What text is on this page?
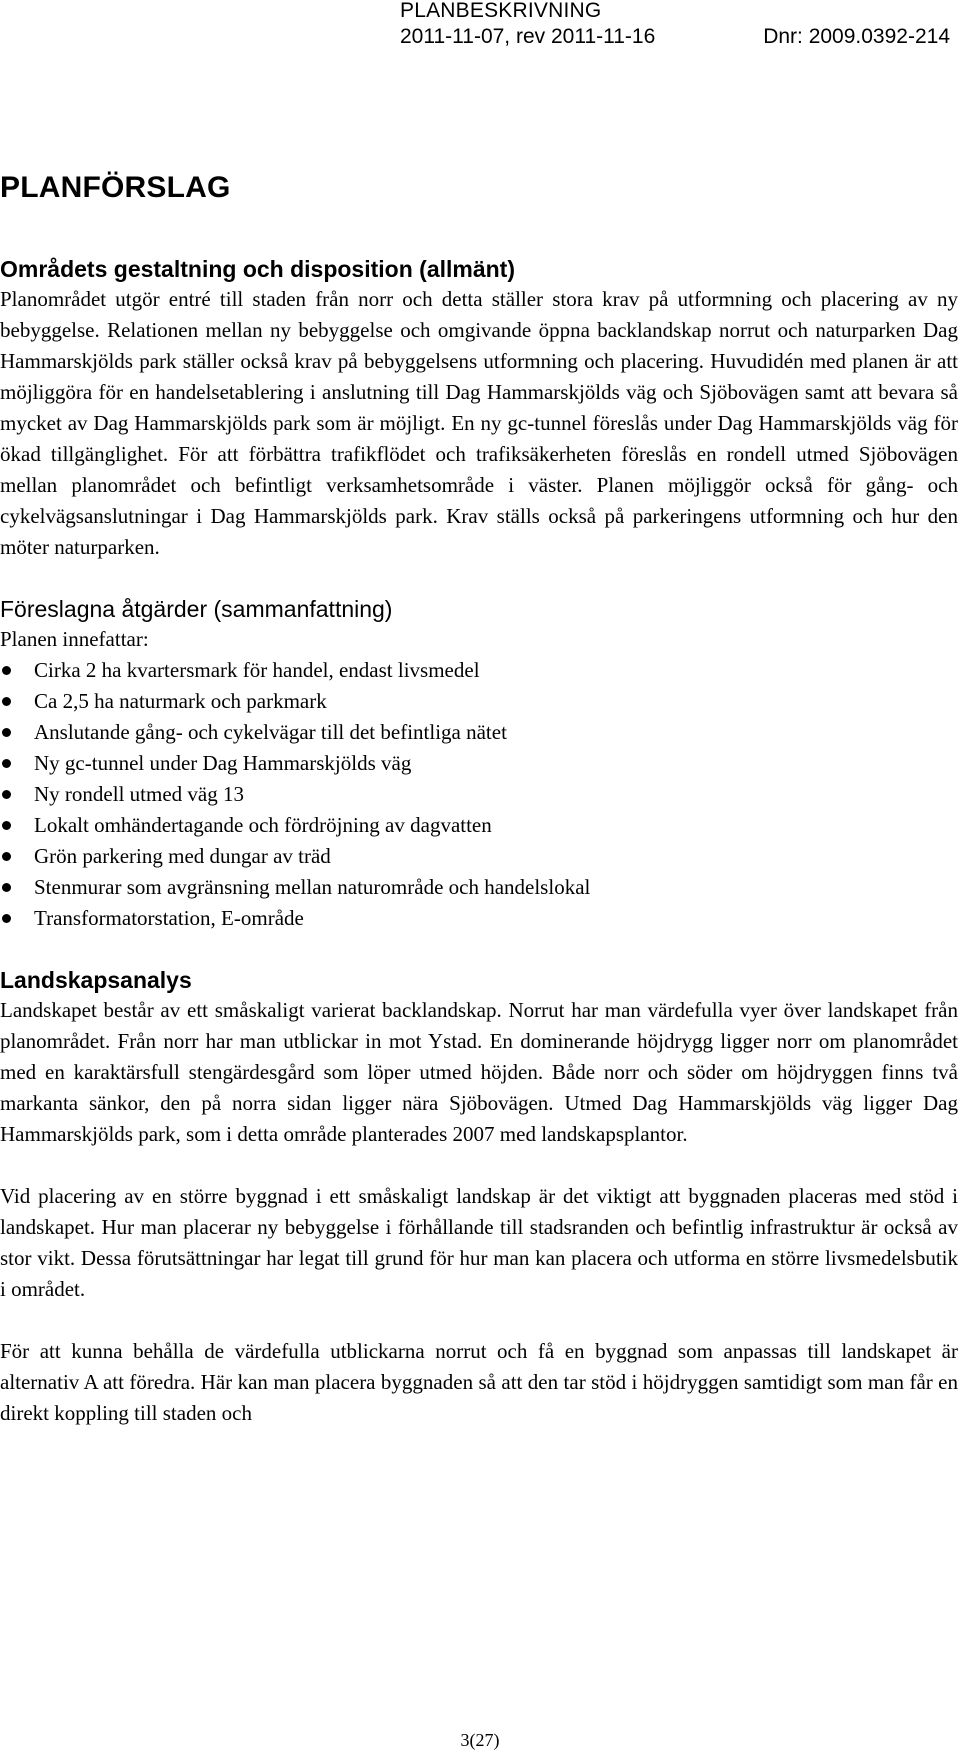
PLANBESKRIVNING
2011-11-07, rev 2011-11-16	Dnr: 2009.0392-214
PLANFÖRSLAG
Områdets gestaltning och disposition (allmänt)

Planområdet utgör entré till staden från norr och detta ställer stora krav på utformning och placering av ny bebyggelse. Relationen mellan ny bebyggelse och omgivande öppna backlandskap norrut och naturparken Dag Hammarskjölds park ställer också krav på bebyggelsens utformning och placering. Huvudidén med planen är att möjliggöra för en handelsetablering i anslutning till Dag Hammarskjölds väg och Sjöbovägen samt att bevara så mycket av Dag Hammarskjölds park som är möjligt. En ny gc-tunnel föreslås under Dag Hammarskjölds väg för ökad tillgänglighet. För att förbättra trafikflödet och trafiksäkerheten föreslås en rondell utmed Sjöbovägen mellan planområdet och befintligt verksamhetsområde i väster. Planen möjliggör också för gång- och cykelvägsanslutningar i Dag Hammarskjölds park. Krav ställs också på parkeringens utformning och hur den möter naturparken.

Föreslagna åtgärder (sammanfattning)
Planen innefattar:
Cirka 2 ha kvartersmark för handel, endast livsmedel
Ca 2,5 ha naturmark och parkmark
Anslutande gång- och cykelvägar till det befintliga nätet
Ny gc-tunnel under Dag Hammarskjölds väg
Ny rondell utmed väg 13
Lokalt omhändertagande och fördröjning av dagvatten
Grön parkering med dungar av träd
Stenmurar som avgränsning mellan naturområde och handelslokal
Transformatorstation, E-område
Landskapsanalys

Landskapet består av ett småskaligt varierat backlandskap. Norrut har man värdefulla vyer över landskapet från planområdet. Från norr har man utblickar in mot Ystad. En dominerande höjdrygg ligger norr om planområdet med en karaktärsfull stengärdesgård som löper utmed höjden. Både norr och söder om höjdryggen finns två markanta sänkor, den på norra sidan ligger nära Sjöbovägen. Utmed Dag Hammarskjölds väg ligger Dag Hammarskjölds park, som i detta område planterades 2007 med landskapsplantor.

Vid placering av en större byggnad i ett småskaligt landskap är det viktigt att byggnaden placeras med stöd i landskapet. Hur man placerar ny bebyggelse i förhållande till stadsranden och befintlig infrastruktur är också av stor vikt. Dessa förutsättningar har legat till grund för hur man kan placera och utforma en större livsmedelsbutik i området.

För att kunna behålla de värdefulla utblickarna norrut och få en byggnad som anpassas till landskapet är alternativ A att föredra. Här kan man placera byggnaden så att den tar stöd i höjdryggen samtidigt som man får en direkt koppling till staden och

3(27)
